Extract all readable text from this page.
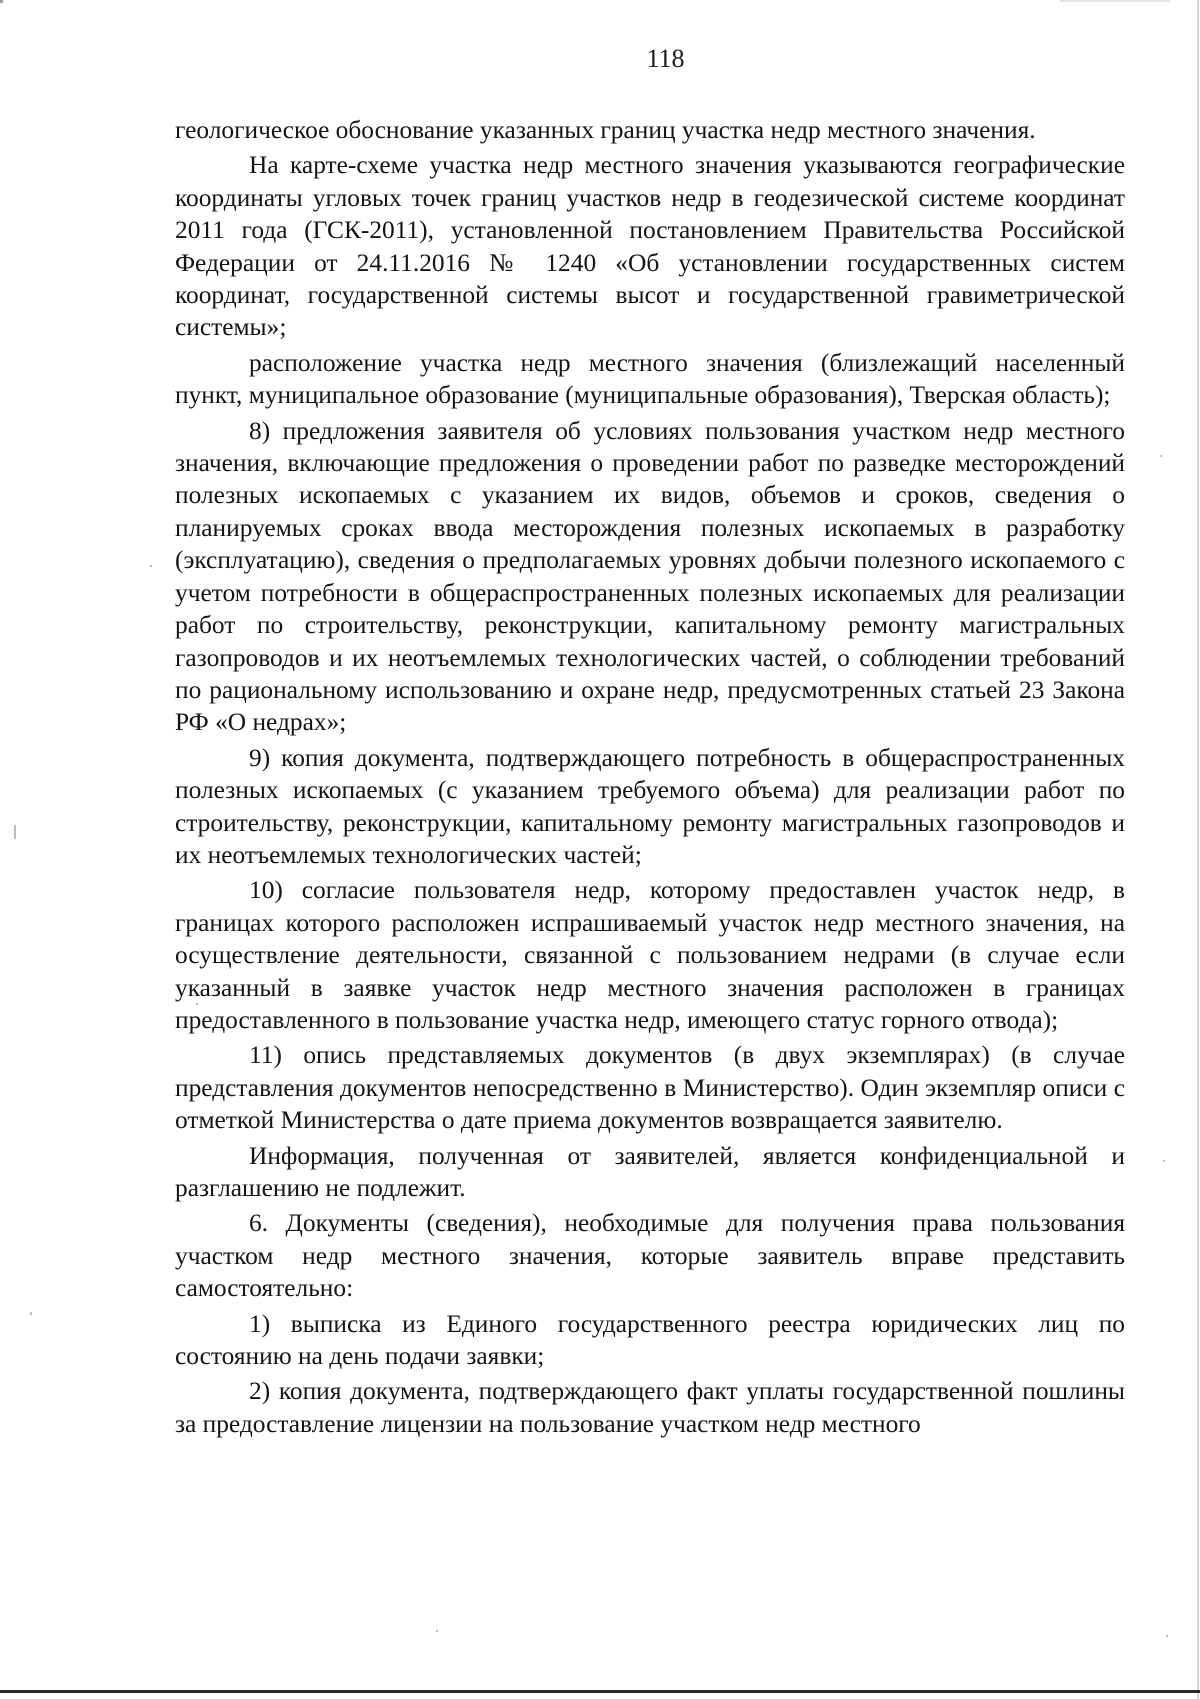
118

геологическое обоснование указанных границ участка недр местного значения.

На карте-схеме участка недр местного значения указываются географические координаты угловых точек границ участков недр в геодезической системе координат 2011 года (ГСК-2011), установленной постановлением Правительства Российской Федерации от 24.11.2016 № 1240 «Об установлении государственных систем координат, государственной системы высот и государственной гравиметрической системы»;

расположение участка недр местного значения (близлежащий населенный пункт, муниципальное образование (муниципальные образования), Тверская область);

8) предложения заявителя об условиях пользования участком недр местного значения, включающие предложения о проведении работ по разведке месторождений полезных ископаемых с указанием их видов, объемов и сроков, сведения о планируемых сроках ввода месторождения полезных ископаемых в разработку (эксплуатацию), сведения о предполагаемых уровнях добычи полезного ископаемого с учетом потребности в общераспространенных полезных ископаемых для реализации работ по строительству, реконструкции, капитальному ремонту магистральных газопроводов и их неотъемлемых технологических частей, о соблюдении требований по рациональному использованию и охране недр, предусмотренных статьей 23 Закона РФ «О недрах»;

9) копия документа, подтверждающего потребность в общераспространенных полезных ископаемых (с указанием требуемого объема) для реализации работ по строительству, реконструкции, капитальному ремонту магистральных газопроводов и их неотъемлемых технологических частей;

10) согласие пользователя недр, которому предоставлен участок недр, в границах которого расположен испрашиваемый участок недр местного значения, на осуществление деятельности, связанной с пользованием недрами (в случае если указанный в заявке участок недр местного значения расположен в границах предоставленного в пользование участка недр, имеющего статус горного отвода);

11) опись представляемых документов (в двух экземплярах) (в случае представления документов непосредственно в Министерство). Один экземпляр описи с отметкой Министерства о дате приема документов возвращается заявителю.

Информация, полученная от заявителей, является конфиденциальной и разглашению не подлежит.

6. Документы (сведения), необходимые для получения права пользования участком недр местного значения, которые заявитель вправе представить самостоятельно:

1) выписка из Единого государственного реестра юридических лиц по состоянию на день подачи заявки;

2) копия документа, подтверждающего факт уплаты государственной пошлины за предоставление лицензии на пользование участком недр местного
